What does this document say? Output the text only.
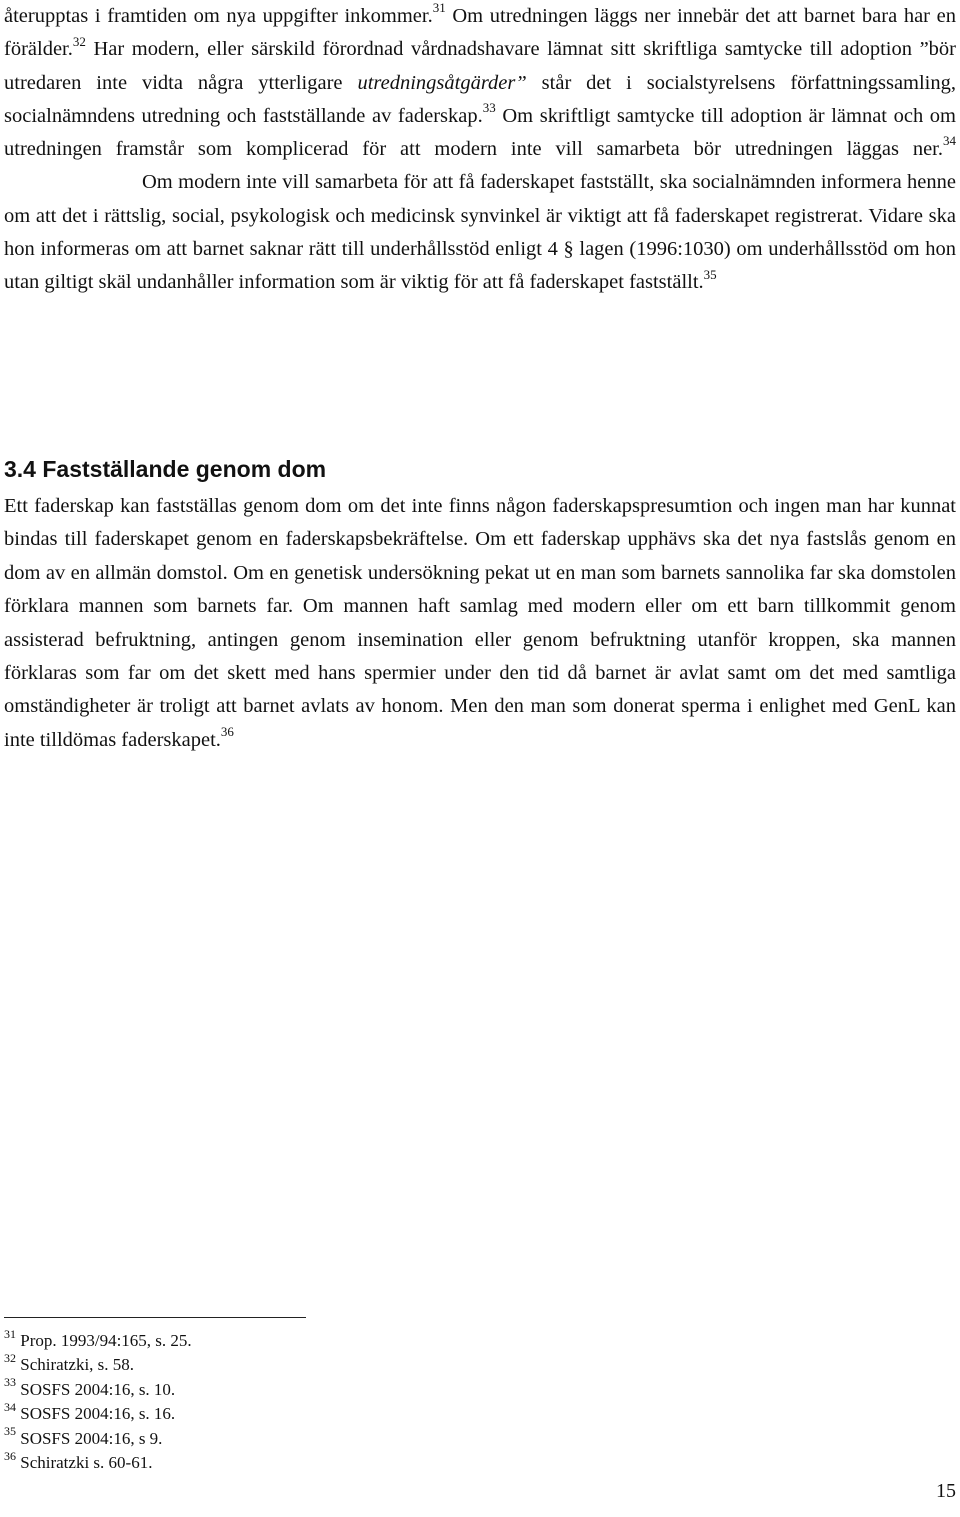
återupptas i framtiden om nya uppgifter inkommer.$^{31}$ Om utredningen läggs ner innebär det att barnet bara har en förälder.$^{32}$ Har modern, eller särskild förordnad vårdnadshavare lämnat sitt skriftliga samtycke till adoption ”bör utredaren inte vidta några ytterligare utredningsåtgärder” står det i socialstyrelsens författningssamling, socialnämndens utredning och fastställande av faderskap.$^{33}$ Om skriftligt samtycke till adoption är lämnat och om utredningen framstår som komplicerad för att modern inte vill samarbeta bör utredningen läggas ner.$^{34}$Om modern inte vill samarbeta för att få faderskapet fastställt, ska socialnämnden informera henne om att det i rättslig, social, psykologisk och medicinsk synvinkel är viktigt att få faderskapet registrerat. Vidare ska hon informeras om att barnet saknar rätt till underhållsstöd enligt 4 § lagen (1996:1030) om underhållsstöd om hon utan giltigt skäl undanhåller information som är viktig för att få faderskapet fastställt.$^{35}$

3.4 Fastställande genom dom

Ett faderskap kan fastställas genom dom om det inte finns någon faderskapspresumtion och ingen man har kunnat bindas till faderskapet genom en faderskapsbekräftelse. Om ett faderskap upphävs ska det nya fastslås genom en dom av en allmän domstol. Om en genetisk undersökning pekat ut en man som barnets sannolika far ska domstolen förklara mannen som barnets far. Om mannen haft samlag med modern eller om ett barn tillkommit genom assisterad befruktning, antingen genom insemination eller genom befruktning utanför kroppen, ska mannen förklaras som far om det skett med hans spermier under den tid då barnet är avlat samt om det med samtliga omständigheter är troligt att barnet avlats av honom. Men den man som donerat sperma i enlighet med GenL kan inte tilldömas faderskapet.$^{36}$

$^{31}$ Prop. 1993/94:165, s. 25.

$^{32}$ Schiratzki, s. 58.

$^{33}$ SOSFS 2004:16, s. 10.

$^{34}$ SOSFS 2004:16, s. 16.

$^{35}$ SOSFS 2004:16, s 9.

$^{36}$ Schiratzki s. 60-61.

15
